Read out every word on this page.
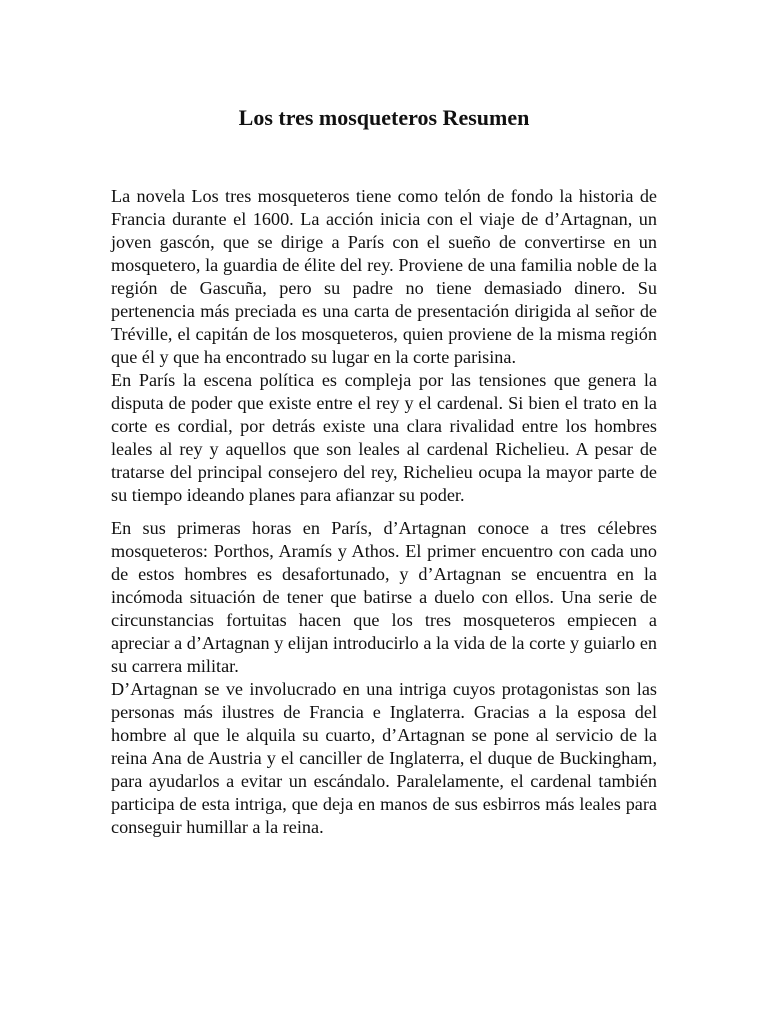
Los tres mosqueteros Resumen

La novela Los tres mosqueteros tiene como telón de fondo la historia de Francia durante el 1600. La acción inicia con el viaje de d’Artagnan, un joven gascón, que se dirige a París con el sueño de convertirse en un mosquetero, la guardia de élite del rey. Proviene de una familia noble de la región de Gascuña, pero su padre no tiene demasiado dinero. Su pertenencia más preciada es una carta de presentación dirigida al señor de Tréville, el capitán de los mosqueteros, quien proviene de la misma región que él y que ha encontrado su lugar en la corte parisina.

En París la escena política es compleja por las tensiones que genera la disputa de poder que existe entre el rey y el cardenal. Si bien el trato en la corte es cordial, por detrás existe una clara rivalidad entre los hombres leales al rey y aquellos que son leales al cardenal Richelieu. A pesar de tratarse del principal consejero del rey, Richelieu ocupa la mayor parte de su tiempo ideando planes para afianzar su poder.

En sus primeras horas en París, d’Artagnan conoce a tres célebres mosqueteros: Porthos, Aramís y Athos. El primer encuentro con cada uno de estos hombres es desafortunado, y d’Artagnan se encuentra en la incómoda situación de tener que batirse a duelo con ellos. Una serie de circunstancias fortuitas hacen que los tres mosqueteros empiecen a apreciar a d’Artagnan y elijan introducirlo a la vida de la corte y guiarlo en su carrera militar.

D’Artagnan se ve involucrado en una intriga cuyos protagonistas son las personas más ilustres de Francia e Inglaterra. Gracias a la esposa del hombre al que le alquila su cuarto, d’Artagnan se pone al servicio de la reina Ana de Austria y el canciller de Inglaterra, el duque de Buckingham, para ayudarlos a evitar un escándalo. Paralelamente, el cardenal también participa de esta intriga, que deja en manos de sus esbirros más leales para conseguir humillar a la reina.
